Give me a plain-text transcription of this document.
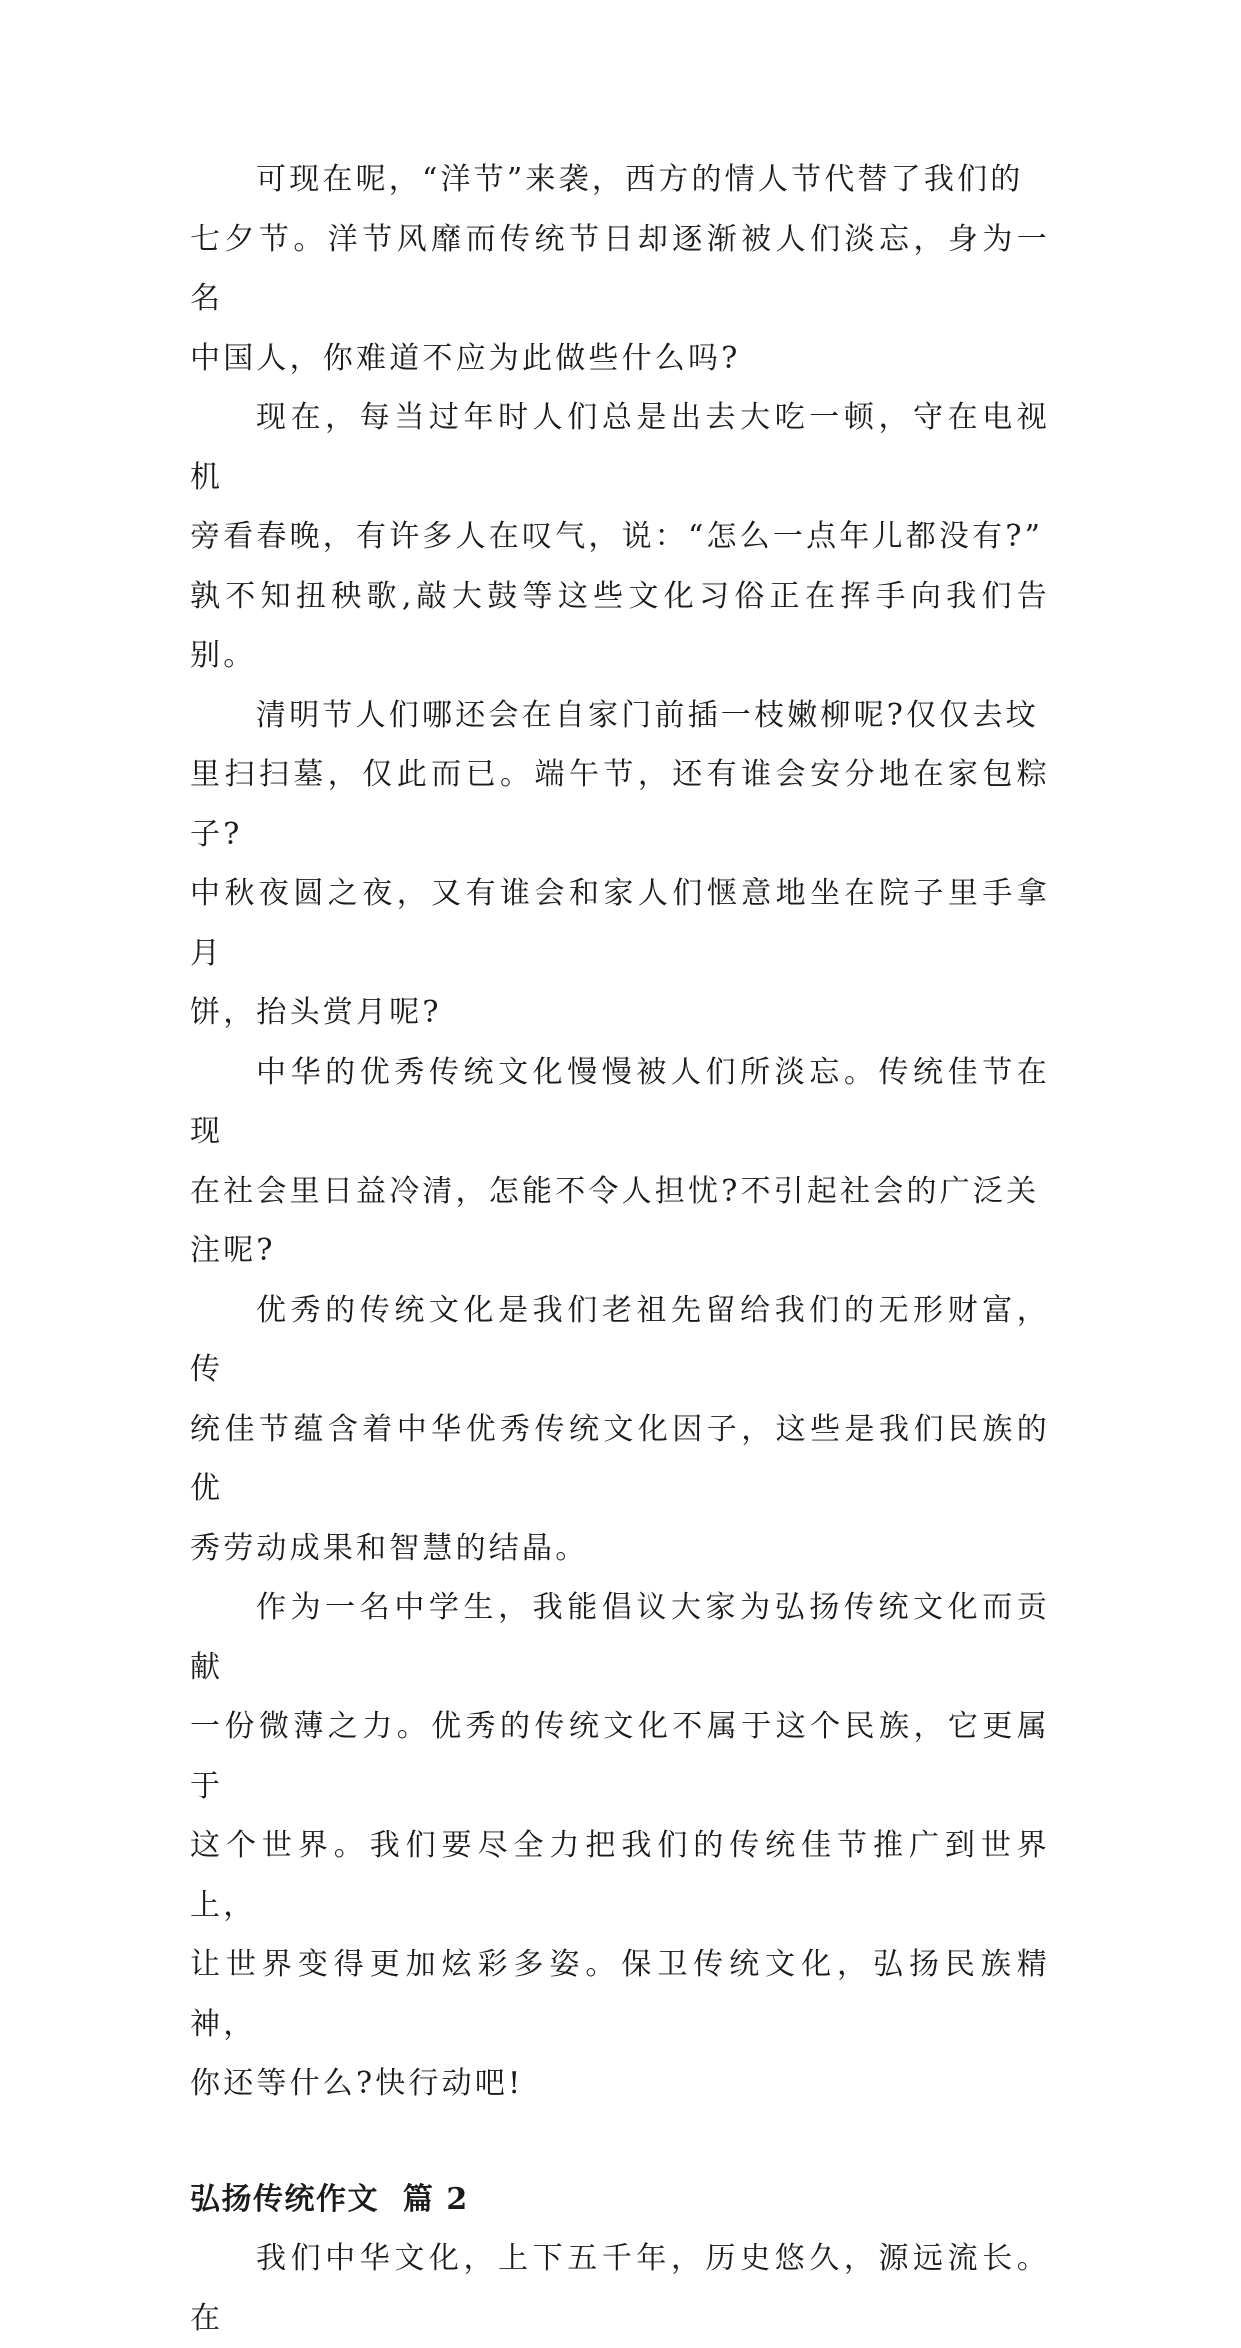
可现在呢，“洋节”来袭，西方的情人节代替了我们的
七夕节。洋节风靡而传统节日却逐渐被人们淡忘，身为一名
中国人，你难道不应为此做些什么吗?

现在，每当过年时人们总是出去大吃一顿，守在电视机
旁看春晚，有许多人在叹气，说：“怎么一点年儿都没有?”
孰不知扭秧歌,敲大鼓等这些文化习俗正在挥手向我们告别。

清明节人们哪还会在自家门前插一枝嫩柳呢?仅仅去坟
里扫扫墓，仅此而已。端午节，还有谁会安分地在家包粽子?
中秋夜圆之夜，又有谁会和家人们惬意地坐在院子里手拿月
饼，抬头赏月呢?

中华的优秀传统文化慢慢被人们所淡忘。传统佳节在现
在社会里日益冷清，怎能不令人担忧?不引起社会的广泛关
注呢?

优秀的传统文化是我们老祖先留给我们的无形财富，传
统佳节蕴含着中华优秀传统文化因子，这些是我们民族的优
秀劳动成果和智慧的结晶。

作为一名中学生，我能倡议大家为弘扬传统文化而贡献
一份微薄之力。优秀的传统文化不属于这个民族，它更属于
这个世界。我们要尽全力把我们的传统佳节推广到世界上，
让世界变得更加炫彩多姿。保卫传统文化，弘扬民族精神，
你还等什么?快行动吧!

弘扬传统作文  篇 2

我们中华文化，上下五千年，历史悠久，源远流长。在
